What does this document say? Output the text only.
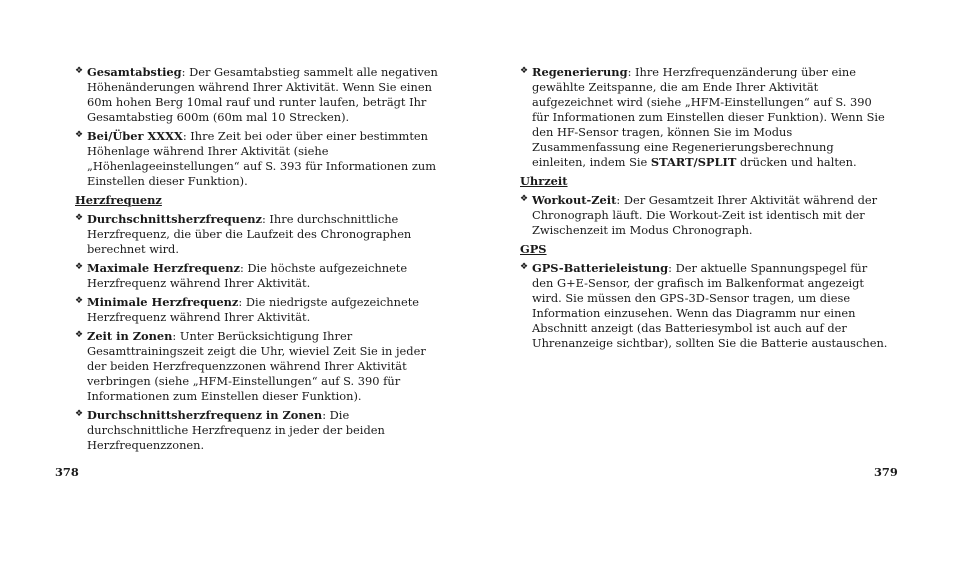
❖ Gesamtabstieg: Der Gesamtabstieg sammelt alle negativen Höhenänderungen während Ihrer Aktivität. Wenn Sie einen 60m hohen Berg 10mal rauf und runter laufen, beträgt Ihr Gesamtabstieg 600m (60m mal 10 Strecken).
❖ Bei/Über XXXX: Ihre Zeit bei oder über einer bestimmten Höhenlage während Ihrer Aktivität (siehe „Höhenlageeinstellungen“ auf S. 393 für Informationen zum Einstellen dieser Funktion).
Herzfrequenz
❖ Durchschnittsherzfrequenz: Ihre durchschnittliche Herzfrequenz, die über die Laufzeit des Chronographen berechnet wird.
❖ Maximale Herzfrequenz: Die höchste aufgezeichnete Herzfrequenz während Ihrer Aktivität.
❖ Minimale Herzfrequenz: Die niedrigste aufgezeichnete Herzfrequenz während Ihrer Aktivität.
❖ Zeit in Zonen: Unter Berücksichtigung Ihrer Gesamttrainingszeit zeigt die Uhr, wieviel Zeit Sie in jeder der beiden Herzfrequenzzonen während Ihrer Aktivität verbringen (siehe „HFM-Einstellungen“ auf S. 390 für Informationen zum Einstellen dieser Funktion).
❖ Durchschnittsherzfrequenz in Zonen: Die durchschnittliche Herzfrequenz in jeder der beiden Herzfrequenzzonen.
378
❖ Regenerierung: Ihre Herzfrequenzänderung über eine gewählte Zeitspanne, die am Ende Ihrer Aktivität aufgezeichnet wird (siehe „HFM-Einstellungen“ auf S. 390 für Informationen zum Einstellen dieser Funktion). Wenn Sie den HF-Sensor tragen, können Sie im Modus Zusammenfassung eine Regenerierungsberechnung einleiten, indem Sie START/SPLIT drücken und halten.
Uhrzeit
❖ Workout-Zeit: Der Gesamtzeit Ihrer Aktivität während der Chronograph läuft. Die Workout-Zeit ist identisch mit der Zwischenzeit im Modus Chronograph.
GPS
❖ GPS-Batterieleistung: Der aktuelle Spannungspegel für den G+E-Sensor, der grafisch im Balkenformat angezeigt wird. Sie müssen den GPS-3D-Sensor tragen, um diese Information einzusehen. Wenn das Diagramm nur einen Abschnitt anzeigt (das Batteriesymbol ist auch auf der Uhrenanzeige sichtbar), sollten Sie die Batterie austauschen.
379
